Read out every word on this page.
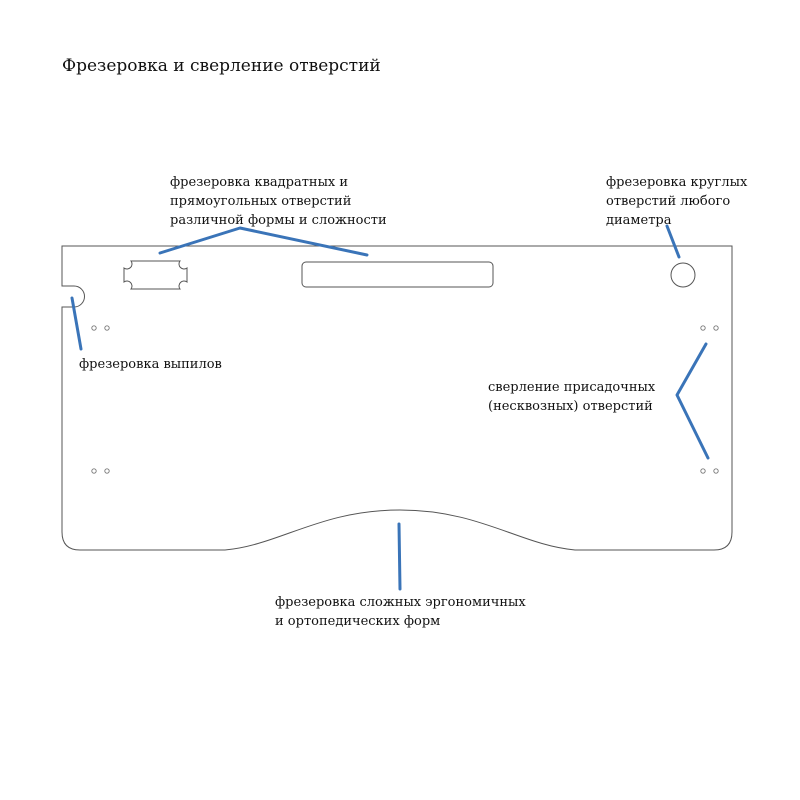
Фрезеровка и сверление отверстий
фрезеровка квадратных и
прямоугольных отверстий
различной формы и сложности
фрезеровка круглых
отверстий любого
диаметра
фрезеровка выпилов
сверление присадочных
(несквозных) отверстий
фрезеровка сложных эргономичных
и ортопедических форм
